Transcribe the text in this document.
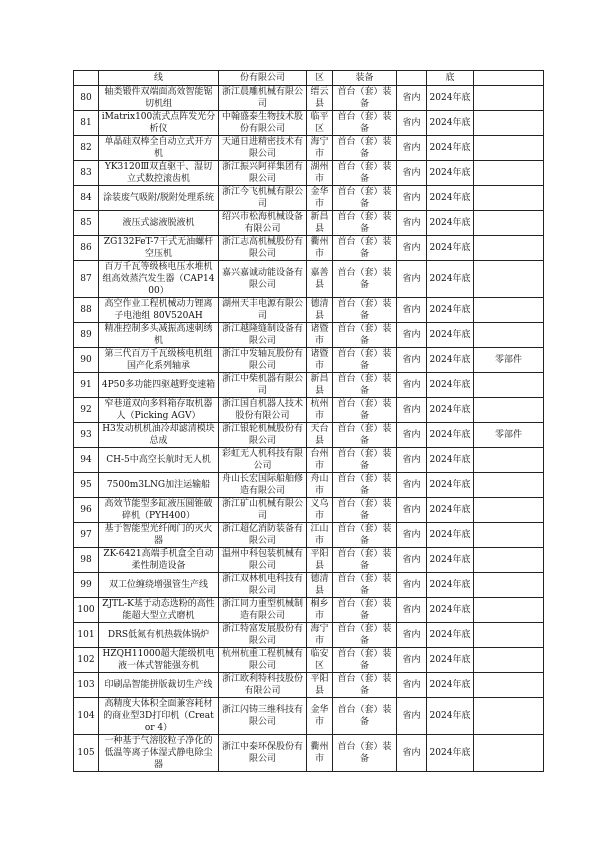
	线	份有限公司	区	装备		底	
80	轴类锻件双端面高效智能锯切机组	浙江晨雕机械有限公司	缙云县	首台（套）装备	省内	2024年底	
81	iMatrix100流式点阵发光分析仪	中翰盛泰生物技术股份有限公司	临平区	首台（套）装备	省内	2024年底	
82	单晶硅双棒全自动立式开方机	天通日进精密技术有限公司	海宁市	首台（套）装备	省内	2024年底	
83	YK3120Ⅲ双直驱干、湿切立式数控滚齿机	浙江振兴阿祥集团有限公司	湖州市	首台（套）装备	省内	2024年底	
84	涂装废气吸附/脱附处理系统	浙江今飞机械有限公司	金华市	首台（套）装备	省内	2024年底	
85	液压式滤液脱液机	绍兴市松海机械设备有限公司	新昌县	首台（套）装备	省内	2024年底	
86	ZG132FeT-7干式无油螺杆空压机	浙江志高机械股份有限公司	衢州市	首台（套）装备	省内	2024年底	
87	百万千瓦等级核电压水堆机组高效蒸汽发生器（CAP1400）	嘉兴嘉诚动能设备有限公司	嘉善县	首台（套）装备	省内	2024年底	
88	高空作业工程机械动力锂离子电池组 80V520AH	湖州天丰电源有限公司	德清县	首台（套）装备	省内	2024年底	
89	精准控制多头减振高速刺绣机	浙江越隆缝制设备有限公司	诸暨市	首台（套）装备	省内	2024年底	
90	第三代百万千瓦级核电机组国产化系列轴承	浙江中发轴瓦股份有限公司	诸暨市	首台（套）装备	省内	2024年底	零部件
91	4P50多功能四驱越野变速箱	浙江中柴机器有限公司	新昌县	首台（套）装备	省内	2024年底	
92	窄巷道双向多料箱存取机器人（Picking AGV）	浙江国自机器人技术股份有限公司	杭州市	首台（套）装备	省内	2024年底	
93	H3发动机机油冷却滤清模块总成	浙江银轮机械股份有限公司	天台县	首台（套）装备	省内	2024年底	零部件
94	CH-5中高空长航时无人机	彩虹无人机科技有限公司	台州市	首台（套）装备	省内	2024年底	
95	7500m3LNG加注运输船	舟山长宏国际船舶修造有限公司	舟山市	首台（套）装备	省内	2024年底	
96	高效节能型多缸液压圆锥破碎机（PYH400）	浙江矿山机械有限公司	义乌市	首台（套）装备	省内	2024年底	
97	基于智能型光纤阀门的灭火器	浙江超亿消防装备有限公司	江山市	首台（套）装备	省内	2024年底	
98	ZK-6421高端手机盒全自动柔性制造设备	温州中科包装机械有限公司	平阳县	首台（套）装备	省内	2024年底	
99	双工位缠绕增强管生产线	浙江双林机电科技有限公司	德清县	首台（套）装备	省内	2024年底	
100	ZJTL-K基于动态选粉的高性能超大型立式磨机	浙江同力重型机械制造有限公司	桐乡市	首台（套）装备	省内	2024年底	
101	DRS低氮有机热载体锅炉	浙江特富发展股份有限公司	海宁市	首台（套）装备	省内	2024年底	
102	HZQH11000超大能级机电液一体式智能强夯机	杭州杭重工程机械有限公司	临安区	首台（套）装备	省内	2024年底	
103	印刷品智能拼版裁切生产线	浙江欧利特科技股份有限公司	平阳县	首台（套）装备	省内	2024年底	
104	高精度大体积全面兼容耗材的商业型3D打印机（Creator 4）	浙江闪铸三维科技有限公司	金华市	首台（套）装备	省内	2024年底	
105	一种基于气溶胶粒子净化的低温等离子体湿式静电除尘器	浙江中泰环保股份有限公司	衢州市	首台（套）装备	省内	2024年底	
